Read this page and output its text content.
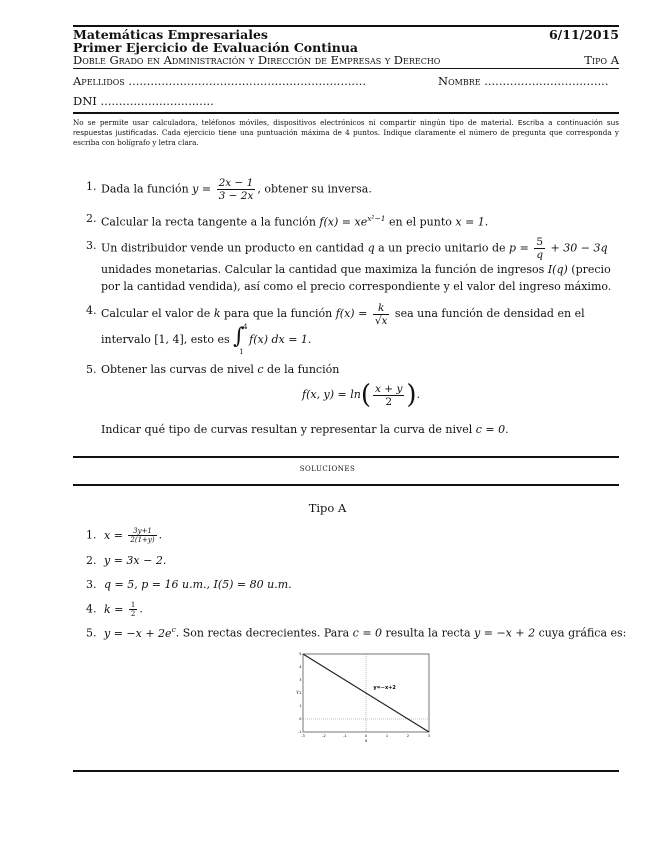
Matemáticas Empresariales	6/11/2015
Primer Ejercicio de Evaluación Continua
Doble Grado en Administración y Dirección de Empresas y Derecho	Tipo A
Apellidos .................................................................	Nombre ..................................
DNI ...............................
No se permite usar calculadora, teléfonos móviles, dispositivos electrónicos ni compartir ningún tipo de material. Escriba a continuación sus respuestas justificadas. Cada ejercicio tiene una puntuación máxima de 4 puntos. Indique claramente el número de pregunta que corresponda y escriba con bolígrafo y letra clara.
1. Dada la función $y = \frac{2x - 1}{3 - 2x}$ , obtener su inversa.
2. Calcular la recta tangente a la función $f(x) = xe^{x^2-1}$ en el punto x = 1.
3. Un distribuidor vende un producto en cantidad q a un precio unitario de $p = \frac{5}{q} + 30 - 3q$ unidades monetarias. Calcular la cantidad que maximiza la función de ingresos I(q) (precio por la cantidad vendida), así como el precio correspondiente y el valor del ingreso máximo.
4. Calcular el valor de k para que la función $f(x) = \frac{k}{√x}$ sea una función de densidad en el intervalo [1, 4], esto es ∫
4
1
f(x) dx = 1.
5. Obtener las curvas de nivel c de la función
f(x, $y) = \ln( \frac{x + y}{2}$ ).
Indicar qué tipo de curvas resultan y representar la curva de nivel c = 0.
soluciones
Tipo A
1. $x = \frac{3y+1}{2(1+y)}$ .
2. y = 3x − 2.
3. q = 5, p = 16 u.m., I(5) = 80 u.m.
4. $k = \frac{1}{2}$ .
5. $y = -x + 2e^c$. Son rectas decrecientes. Para c = 0 resulta la recta y = −x + 2 cuya gráfica es:
-3	-2	-1	0	1	2	3
-1
0
1
2
3
4
5
y=−x+2
x
y
